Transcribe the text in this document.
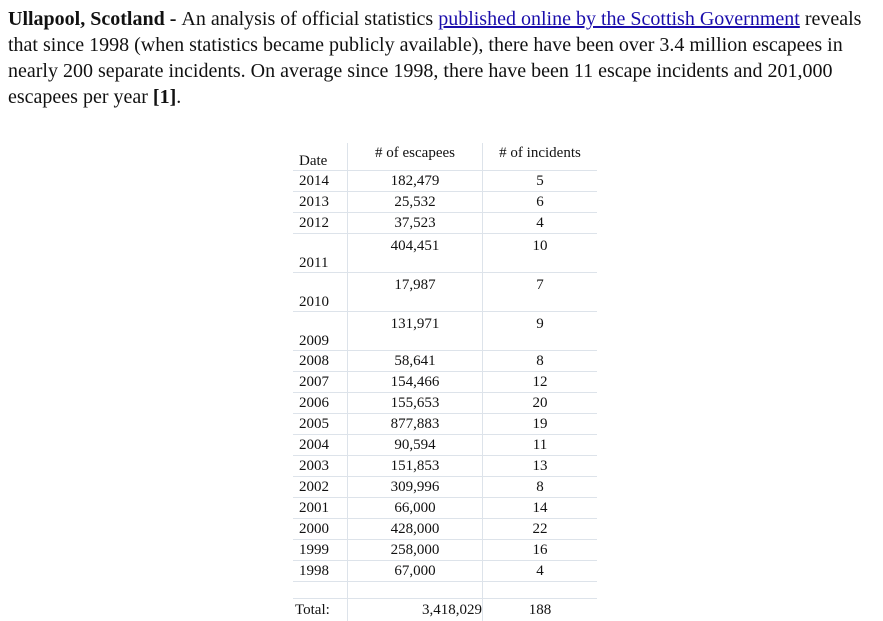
Ullapool, Scotland - An analysis of official statistics published online by the Scottish Government reveals that since 1998 (when statistics became publicly available), there have been over 3.4 million escapees in nearly 200 separate incidents. On average since 1998, there have been 11 escape incidents and 201,000 escapees per year [1].

Date	# of escapees	# of incidents
2014	182,479	5
2013	25,532	6
2012	37,523	4
2011	404,451	10
2010	17,987	7
2009	131,971	9
2008	58,641	8
2007	154,466	12
2006	155,653	20
2005	877,883	19
2004	90,594	11
2003	151,853	13
2002	309,996	8
2001	66,000	14
2000	428,000	22
1999	258,000	16
1998	67,000	4

Total:	3,418,029	188
